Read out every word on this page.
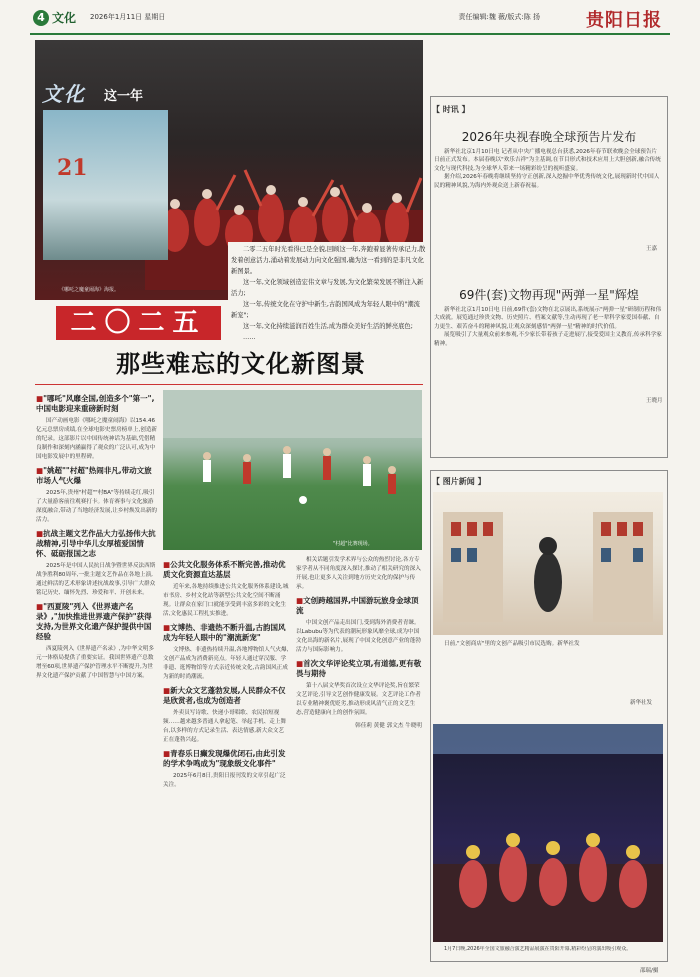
4 文化 2026年1月11日 星期日	责任编辑:魏 薇/版式:陈 扬	贵阳日报
21
《哪吒之魔童闹海》海报。
文化 这一年

二零二五年时光看得已是全貌,回顾这一年,奔跑着显著传承记力,散发着创意活力,涌动着发展动力向文化强国,确为这一看到的是非凡文化新图景。

这一年,文化领域创造宏伟文章与发展,为文化繁荣发展不断注入新活力;

这一年,传统文化在守护中新生,古韵国风成为年轻人眼中的"潮流新宠";

这一年,文化持续滋润百姓生活,成为群众美好生活的鲜亮底色;

……

二〇二五
那些难忘的文化新图景
■"哪吒"风靡全国,创造多个"第一",中国电影迎来重磅新时刻

国产动画电影《哪吒之魔童闹海》以154.46亿元总票房成绩,在全球电影史票房榜单上,创造新的纪录。这部影片以中国传统神话为基础,凭借精良制作和深刻内涵赢得了观众的广泛认可,成为中国电影发展中的里程碑。

■"姚超""村超"热闹非凡,带动文旅市场人气火爆

2025年,贵州"村超""村BA"等持续走红,吸引了大量游客前往观赛打卡。体育赛事与文化旅游深度融合,带动了当地经济发展,让乡村焕发出新的活力。

■抗战主题文艺作品大力弘扬伟大抗战精神,引导中华儿女厚植爱国情怀、砥砺报国之志

2025年是中国人民抗日战争暨世界反法西斯战争胜利80周年,一批主题文艺作品在各地上演,通过鲜活的艺术形象讲述抗战故事,引导广大群众铭记历史、缅怀先烈、珍爱和平、开创未来。

■"西夏陵"列入《世界遗产名录》,"加快推进世界遗产保护"获得支持,为世界文化遗产保护提供中国经验

西夏陵列入《世界遗产名录》,为中华文明多元一体格局提供了重要实证。我国世界遗产总数增至60项,世界遗产保护管理水平不断提升,为世界文化遗产保护贡献了中国智慧与中国方案。

"村超"比赛现场。
■公共文化服务体系不断完善,推动优质文化资源直达基层

近年来,各地持续推进公共文化服务体系建设,城市书房、乡村文化站等新型公共文化空间不断涌现。让群众在家门口就能享受到丰富多彩的文化生活,文化惠民工程扎实推进。

■文博热、非遗热不断升温,古韵国风成为年轻人眼中的"潮流新宠"

文博热、非遗热持续升温,各地博物馆人气火爆,文创产品成为消费新亮点。年轻人通过穿汉服、学非遗、逛博物馆等方式亲近传统文化,古韵国风正成为新的时尚潮流。

■新大众文艺蓬勃发展,人民群众不仅是欣赏者,也成为创造者

外卖员写诗歌、快递小哥唱歌、农民拍短视频……越来越多普通人拿起笔、举起手机、走上舞台,以多样的方式记录生活、表达情感,新大众文艺正在蓬勃兴起。

■青春乐日癫发现爆优闭石,由此引发的学术争鸣成为"现象级文化事件"

2025年6月8日,贵阳日报刊发的文章引起广泛关注。

相关话题引发学术界与公众的热烈讨论,各方专家学者从不同角度深入探讨,推动了相关研究的深入开展,也让更多人关注到地方历史文化的保护与传承。

■文创跨越国界,中国游玩旅身金球顶流

中国文创产品走出国门,受到海外消费者青睐。以Labubu等为代表的潮玩形象风靡全球,成为中国文化出海的新名片,展现了中国文化创意产业的蓬勃活力与国际影响力。

■首次文华评论奖立项,有道德,更有敬畏与期待

第十八届文华奖首次设立文华评论奖,旨在繁荣文艺评论,引导文艺创作健康发展。文艺评论工作者以专业精神褒优贬劣,推动形成风清气正的文艺生态,营造健康向上的创作氛围。

韩佳莉 黄健 郭文杰 牛晓明

【 时讯 】
2026年央视春晚全球预告片发布

新华社北京1月10日电 记者从中央广播电视总台获悉,2026年春节联欢晚会全球预告片日前正式发布。本届春晚以"欢乐吉祥"为主基调,在节目形式和技术应用上大胆创新,融合传统文化与现代科技,为全球华人带来一场精彩纷呈的视听盛宴。

据介绍,2026年春晚将继续坚持守正创新,深入挖掘中华优秀传统文化,展现新时代中国人民的精神风貌,为海内外观众送上新春祝福。

王嘉
69件(套)文物再现"两弹一星"辉煌

新华社北京1月10日电 日前,69件(套)文物在北京展出,系统展示"两弹一星"研制历程和伟大成就。展览通过珍贵文物、历史照片、档案文献等,生动再现了老一辈科学家爱国奉献、自力更生、艰苦奋斗的精神风貌,让观众深刻感悟"两弹一星"精神的时代价值。

展览吸引了大量观众前来参观,不少家长带着孩子走进展厅,接受爱国主义教育,传承科学家精神。

王晓月
【 图片新闻 】

日前,"文创商店"里的文创产品吸引市民选购。新华社发

新华社发

1月7日晚,2026年全国文旅融合演艺精品展演在贵阳开幕,精彩纷呈的演出吸引观众。

邵瑞/摄
